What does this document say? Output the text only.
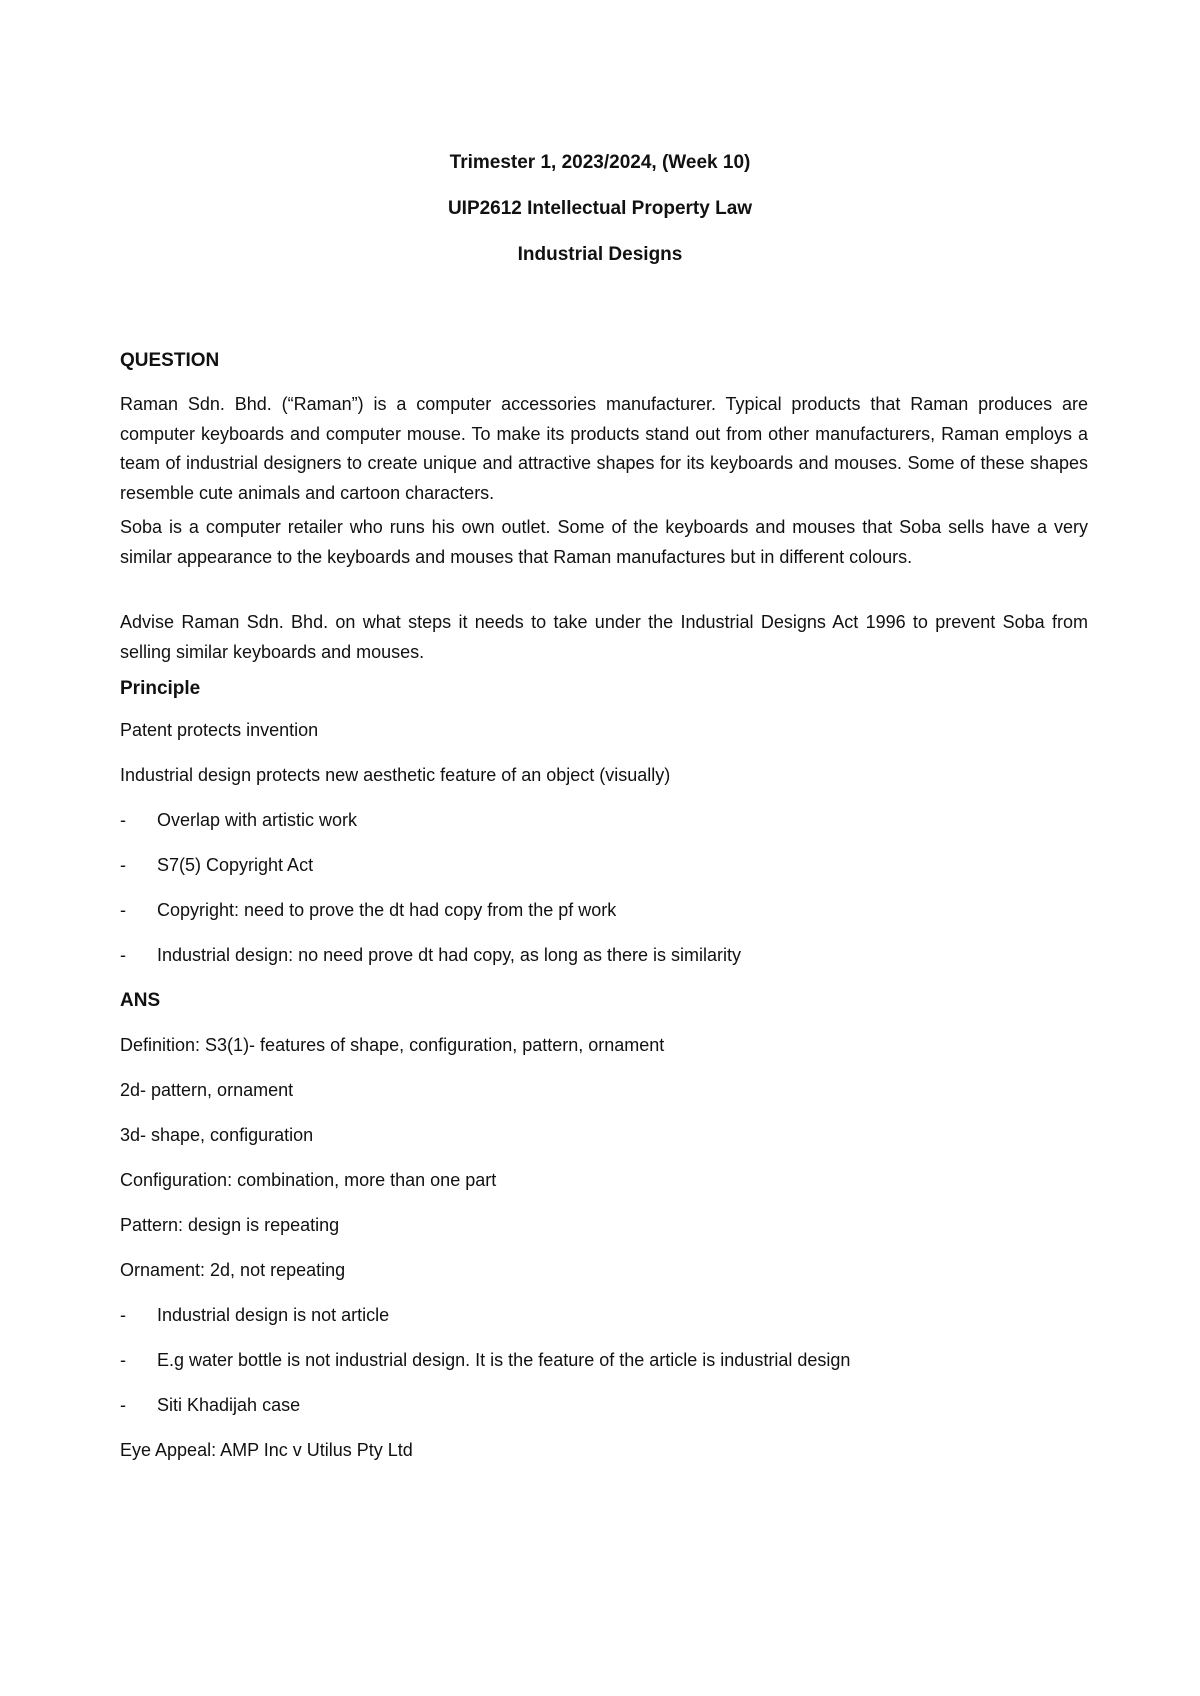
Trimester 1, 2023/2024, (Week 10)
UIP2612 Intellectual Property Law
Industrial Designs
QUESTION
Raman Sdn. Bhd. (“Raman”) is a computer accessories manufacturer. Typical products that Raman produces are computer keyboards and computer mouse. To make its products stand out from other manufacturers, Raman employs a team of industrial designers to create unique and attractive shapes for its keyboards and mouses. Some of these shapes resemble cute animals and cartoon characters.
Soba is a computer retailer who runs his own outlet. Some of the keyboards and mouses that Soba sells have a very similar appearance to the keyboards and mouses that Raman manufactures but in different colours.
Advise Raman Sdn. Bhd. on what steps it needs to take under the Industrial Designs Act 1996 to prevent Soba from selling similar keyboards and mouses.
Principle
Patent protects invention
Industrial design protects new aesthetic feature of an object (visually)
- Overlap with artistic work
- S7(5) Copyright Act
- Copyright: need to prove the dt had copy from the pf work
- Industrial design: no need prove dt had copy, as long as there is similarity
ANS
Definition: S3(1)- features of shape, configuration, pattern, ornament
2d- pattern, ornament
3d- shape, configuration
Configuration: combination, more than one part
Pattern: design is repeating
Ornament: 2d, not repeating
- Industrial design is not article
- E.g water bottle is not industrial design. It is the feature of the article is industrial design
- Siti Khadijah case
Eye Appeal: AMP Inc v Utilus Pty Ltd
